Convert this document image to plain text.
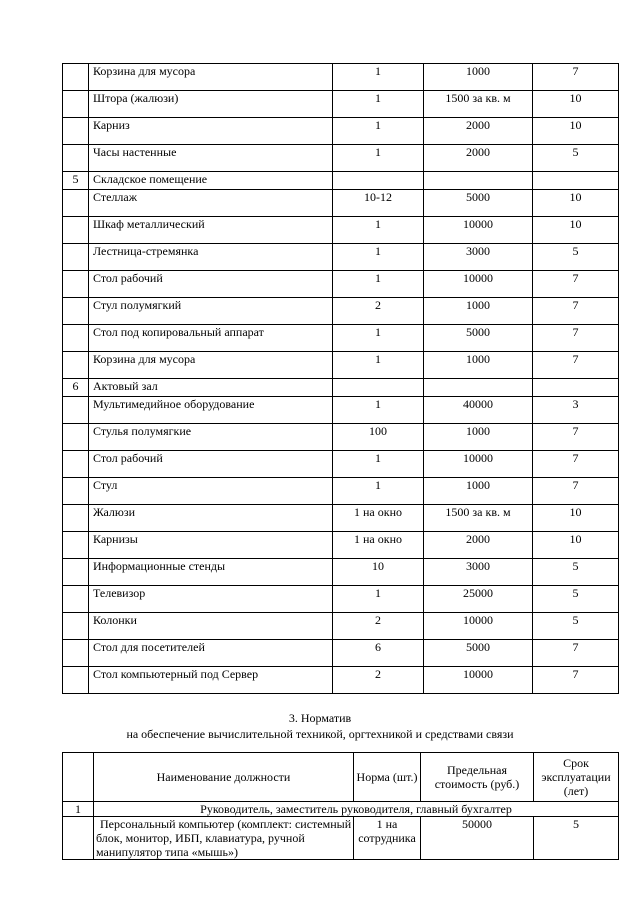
	Корзина для мусора	1	1000	7
	Штора (жалюзи)	1	1500 за кв. м	10
	Карниз	1	2000	10
	Часы настенные	1	2000	5
5	Складское помещение			
	Стеллаж	10-12	5000	10
	Шкаф металлический	1	10000	10
	Лестница-стремянка	1	3000	5
	Стол рабочий	1	10000	7
	Стул полумягкий	2	1000	7
	Стол под копировальный аппарат	1	5000	7
	Корзина для мусора	1	1000	7
6	Актовый зал			
	Мультимедийное оборудование	1	40000	3
	Стулья полумягкие	100	1000	7
	Стол рабочий	1	10000	7
	Стул	1	1000	7
	Жалюзи	1 на окно	1500 за кв. м	10
	Карнизы	1 на окно	2000	10
	Информационные стенды	10	3000	5
	Телевизор	1	25000	5
	Колонки	2	10000	5
	Стол для посетителей	6	5000	7
	Стол компьютерный под Сервер	2	10000	7
3. Норматив
на обеспечение вычислительной техникой, оргтехникой и средствами связи
	Наименование должности	Норма (шт.)	Предельная стоимость (руб.)	Срок эксплуатации (лет)
1	Руководитель, заместитель руководителя, главный бухгалтер			
	Персональный компьютер (комплект: системный блок, монитор, ИБП, клавиатура, ручной манипулятор типа «мышь»)	1 на сотрудника	50000	5
